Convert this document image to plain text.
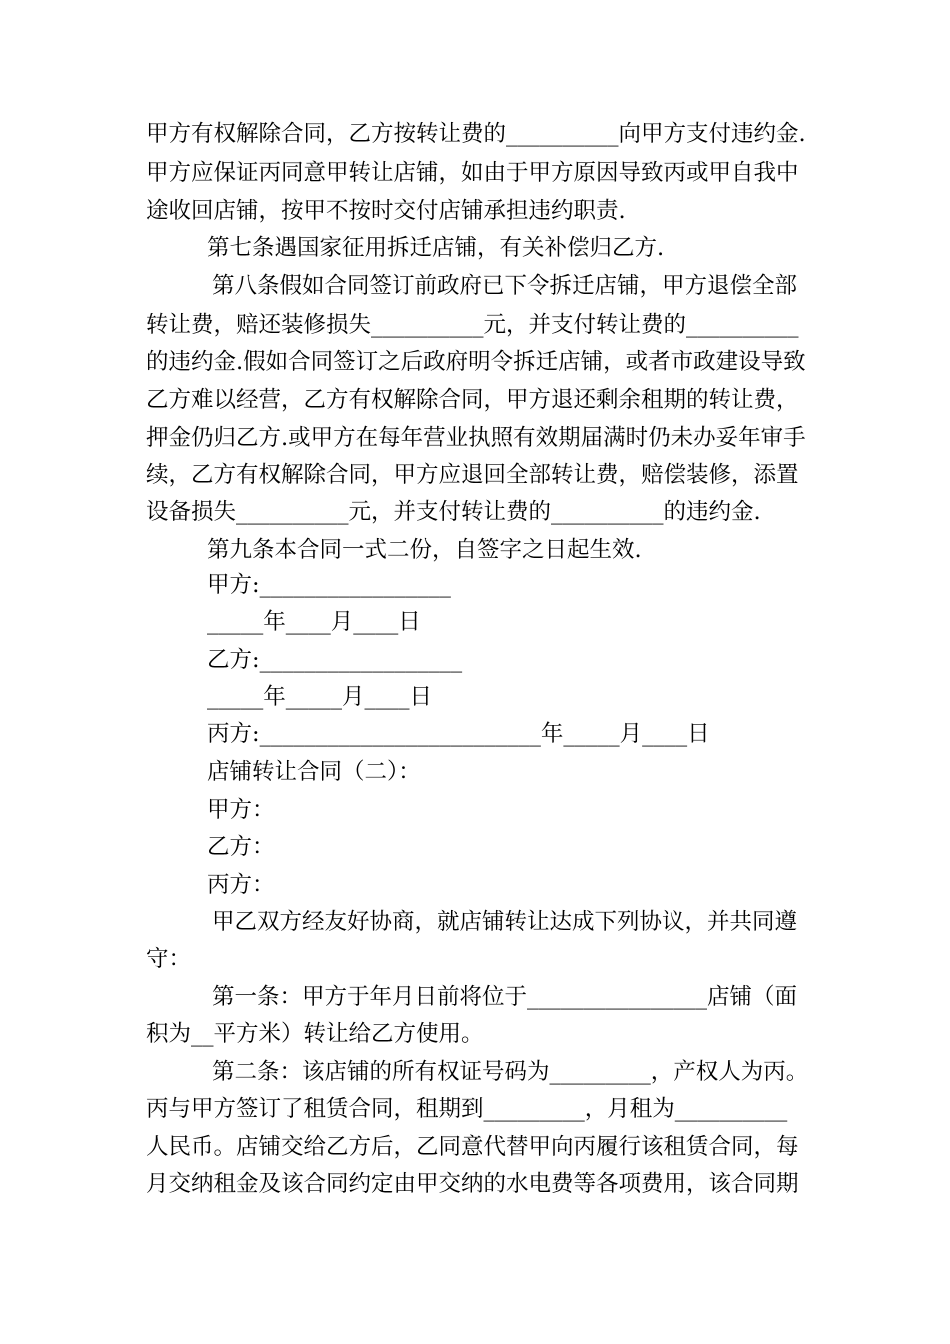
甲方有权解除合同，乙方按转让费的__________向甲方支付违约金.
甲方应保证丙同意甲转让店铺，如由于甲方原因导致丙或甲自我中
途收回店铺，按甲不按时交付店铺承担违约职责.
第七条遇国家征用拆迁店铺，有关补偿归乙方.
第八条假如合同签订前政府已下令拆迁店铺，甲方退偿全部
转让费，赔还装修损失__________元，并支付转让费的__________
的违约金.假如合同签订之后政府明令拆迁店铺，或者市政建设导致
乙方难以经营，乙方有权解除合同，甲方退还剩余租期的转让费，
押金仍归乙方.或甲方在每年营业执照有效期届满时仍未办妥年审手
续，乙方有权解除合同，甲方应退回全部转让费，赔偿装修，添置
设备损失__________元，并支付转让费的__________的违约金.
第九条本合同一式二份，自签字之日起生效.
甲方:_________________
_____年____月____日
乙方:__________________
_____年_____月____日
丙方:_________________________年_____月____日
店铺转让合同（二）：
甲方：
乙方：
丙方：
甲乙双方经友好协商，就店铺转让达成下列协议，并共同遵
守：
第一条：甲方于年月日前将位于________________店铺（面
积为__平方米）转让给乙方使用。
第二条：该店铺的所有权证号码为_________，产权人为丙。
丙与甲方签订了租赁合同，租期到_________，月租为__________
人民币。店铺交给乙方后，乙同意代替甲向丙履行该租赁合同，每
月交纳租金及该合同约定由甲交纳的水电费等各项费用，该合同期
